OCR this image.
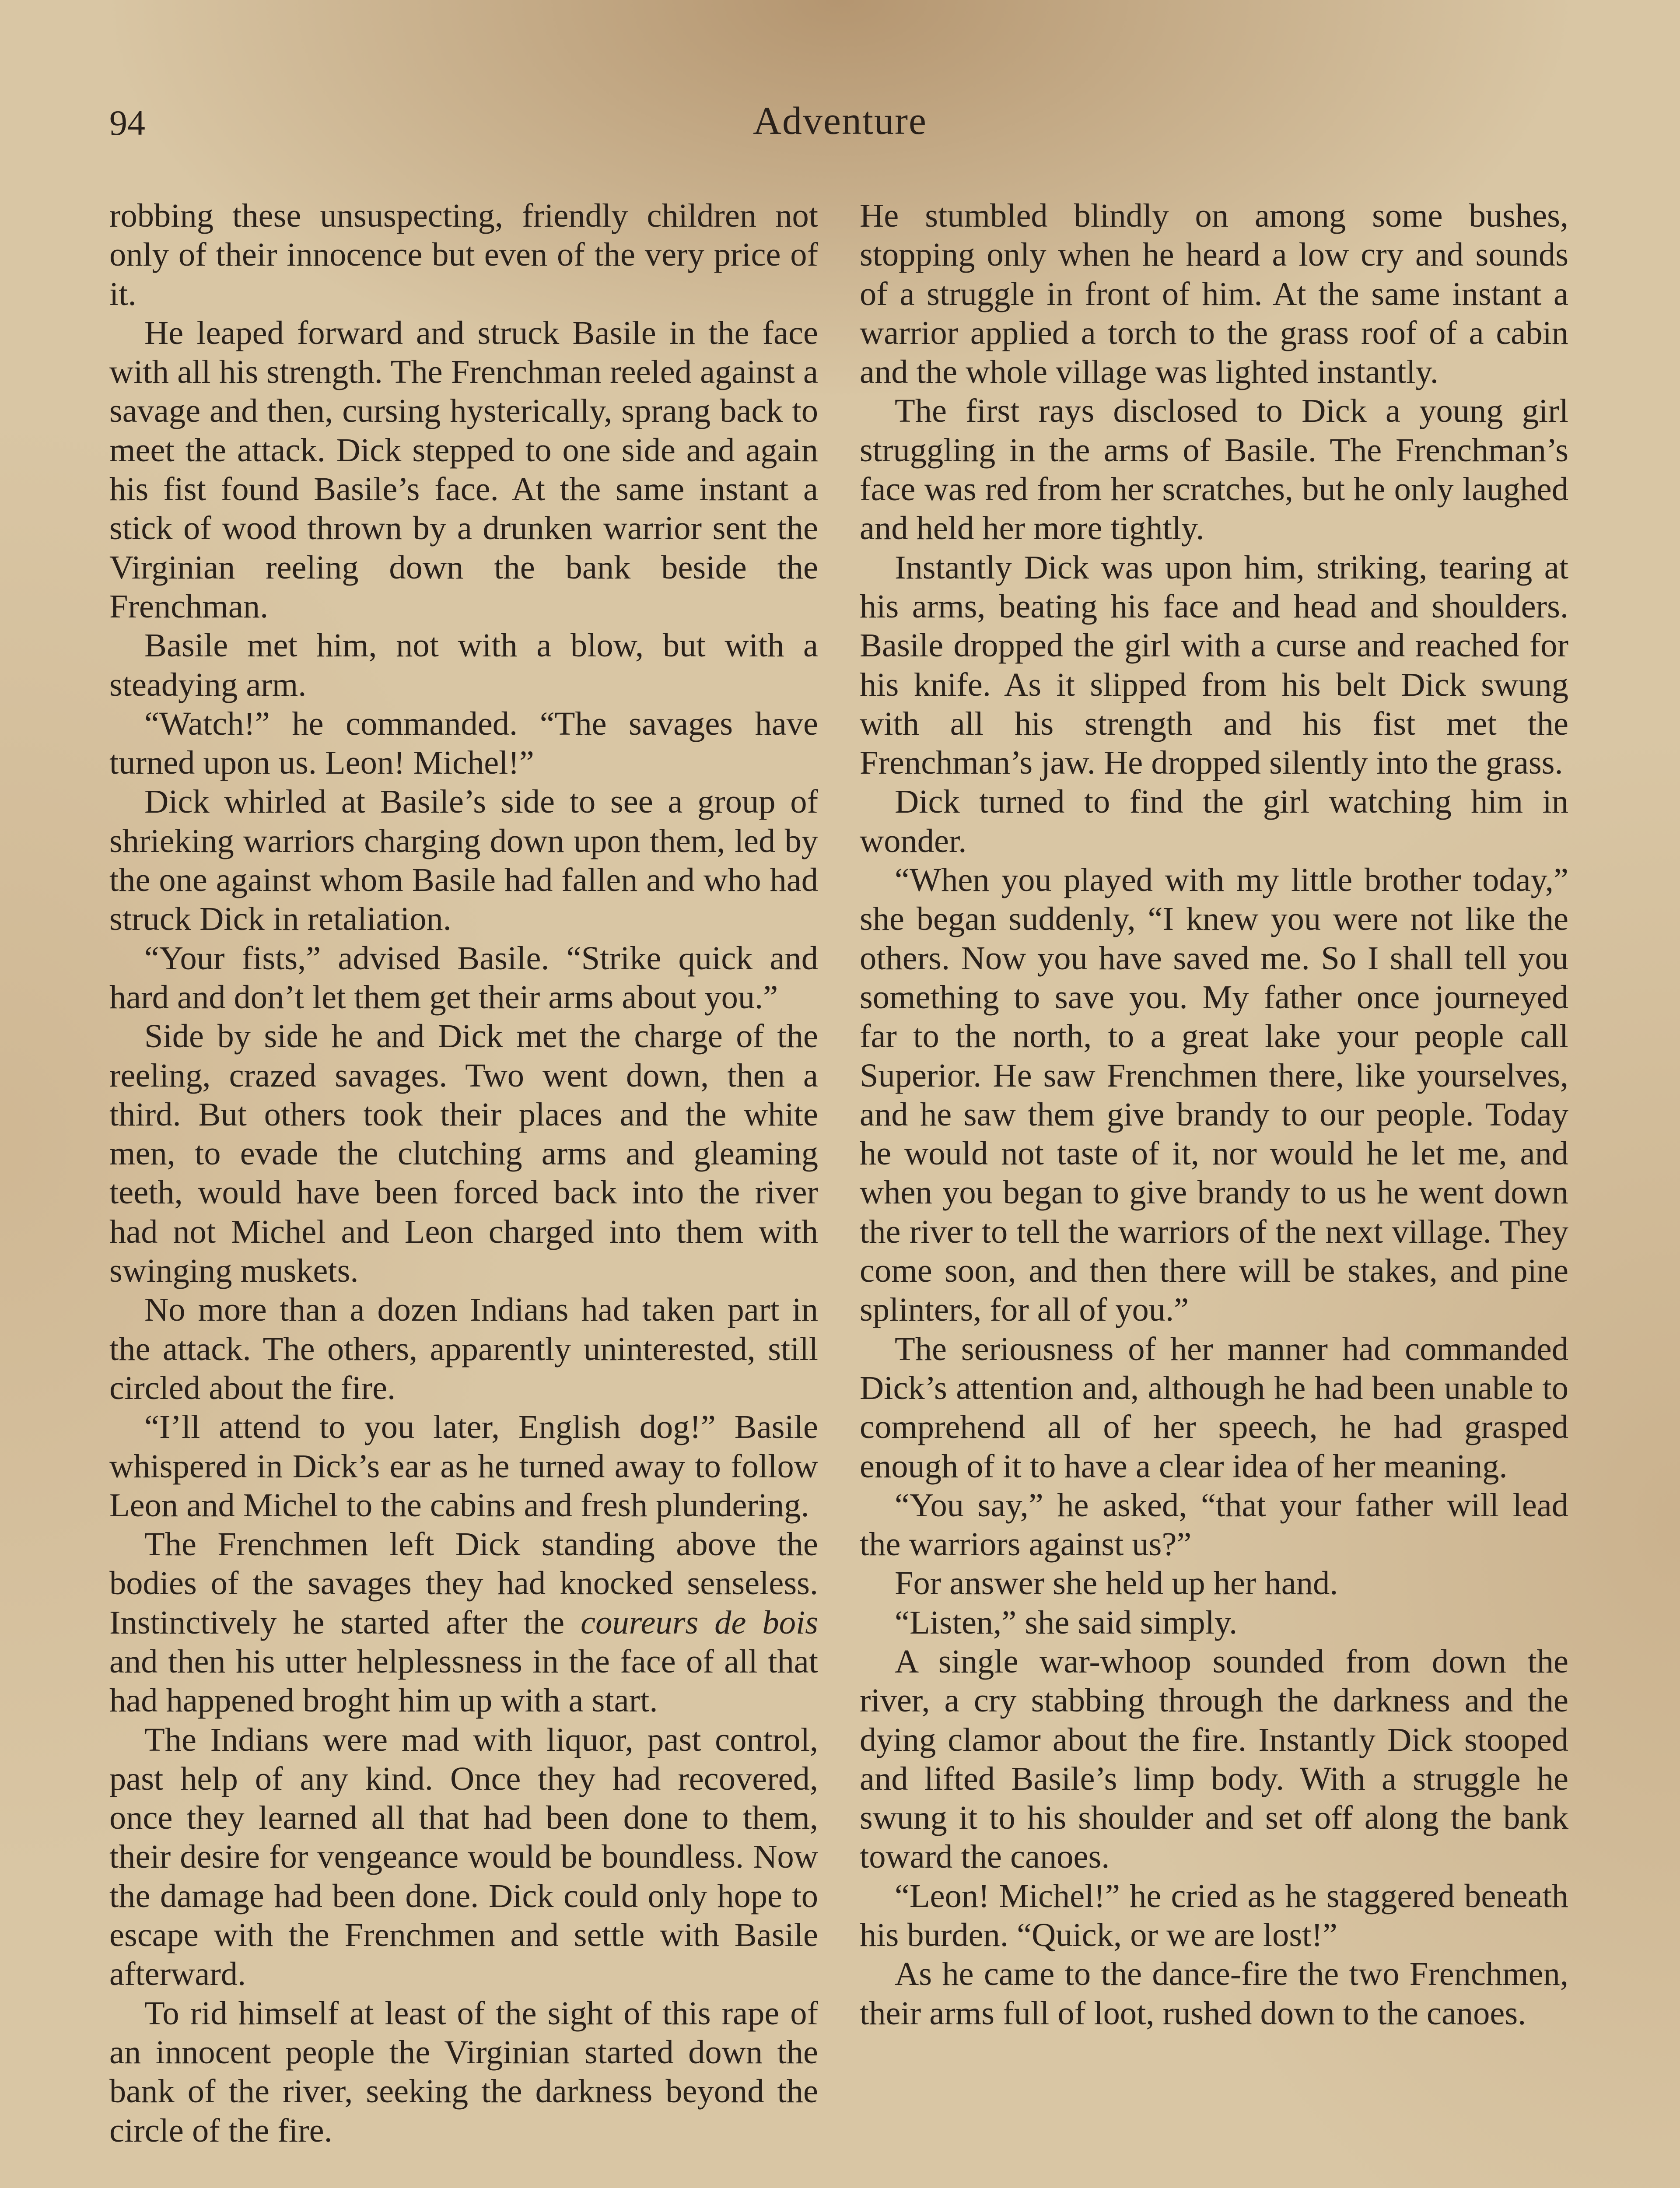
94	Adventure

robbing these unsuspecting, friendly children not only of their innocence but even of the very price of it.

He leaped forward and struck Basile in the face with all his strength. The Frenchman reeled against a savage and then, cursing hysterically, sprang back to meet the attack. Dick stepped to one side and again his fist found Basile’s face. At the same instant a stick of wood thrown by a drunken warrior sent the Virginian reeling down the bank beside the Frenchman.

Basile met him, not with a blow, but with a steadying arm.

“Watch!” he commanded. “The savages have turned upon us. Leon! Michel!”

Dick whirled at Basile’s side to see a group of shrieking warriors charging down upon them, led by the one against whom Basile had fallen and who had struck Dick in retaliation.

“Your fists,” advised Basile. “Strike quick and hard and don’t let them get their arms about you.”

Side by side he and Dick met the charge of the reeling, crazed savages. Two went down, then a third. But others took their places and the white men, to evade the clutching arms and gleaming teeth, would have been forced back into the river had not Michel and Leon charged into them with swinging muskets.

No more than a dozen Indians had taken part in the attack. The others, apparently uninterested, still circled about the fire.

“I’ll attend to you later, English dog!” Basile whispered in Dick’s ear as he turned away to follow Leon and Michel to the cabins and fresh plundering.

The Frenchmen left Dick standing above the bodies of the savages they had knocked senseless. Instinctively he started after the coureurs de bois and then his utter helplessness in the face of all that had happened broght him up with a start.

The Indians were mad with liquor, past control, past help of any kind. Once they had recovered, once they learned all that had been done to them, their desire for vengeance would be boundless. Now the damage had been done. Dick could only hope to escape with the Frenchmen and settle with Basile afterward.

To rid himself at least of the sight of this rape of an innocent people the Virginian started down the bank of the river, seeking the darkness beyond the circle of the fire.

He stumbled blindly on among some bushes, stopping only when he heard a low cry and sounds of a struggle in front of him. At the same instant a warrior applied a torch to the grass roof of a cabin and the whole village was lighted instantly.

The first rays disclosed to Dick a young girl struggling in the arms of Basile. The Frenchman’s face was red from her scratches, but he only laughed and held her more tightly.

Instantly Dick was upon him, striking, tearing at his arms, beating his face and head and shoulders. Basile dropped the girl with a curse and reached for his knife. As it slipped from his belt Dick swung with all his strength and his fist met the Frenchman’s jaw. He dropped silently into the grass.

Dick turned to find the girl watching him in wonder.

“When you played with my little brother today,” she began suddenly, “I knew you were not like the others. Now you have saved me. So I shall tell you something to save you. My father once journeyed far to the north, to a great lake your people call Superior. He saw Frenchmen there, like yourselves, and he saw them give brandy to our people. Today he would not taste of it, nor would he let me, and when you began to give brandy to us he went down the river to tell the warriors of the next village. They come soon, and then there will be stakes, and pine splinters, for all of you.”

The seriousness of her manner had commanded Dick’s attention and, although he had been unable to comprehend all of her speech, he had grasped enough of it to have a clear idea of her meaning.

“You say,” he asked, “that your father will lead the warriors against us?”

For answer she held up her hand.

“Listen,” she said simply.

A single war-whoop sounded from down the river, a cry stabbing through the darkness and the dying clamor about the fire. Instantly Dick stooped and lifted Basile’s limp body. With a struggle he swung it to his shoulder and set off along the bank toward the canoes.

“Leon! Michel!” he cried as he staggered beneath his burden. “Quick, or we are lost!”

As he came to the dance-fire the two Frenchmen, their arms full of loot, rushed down to the canoes.
